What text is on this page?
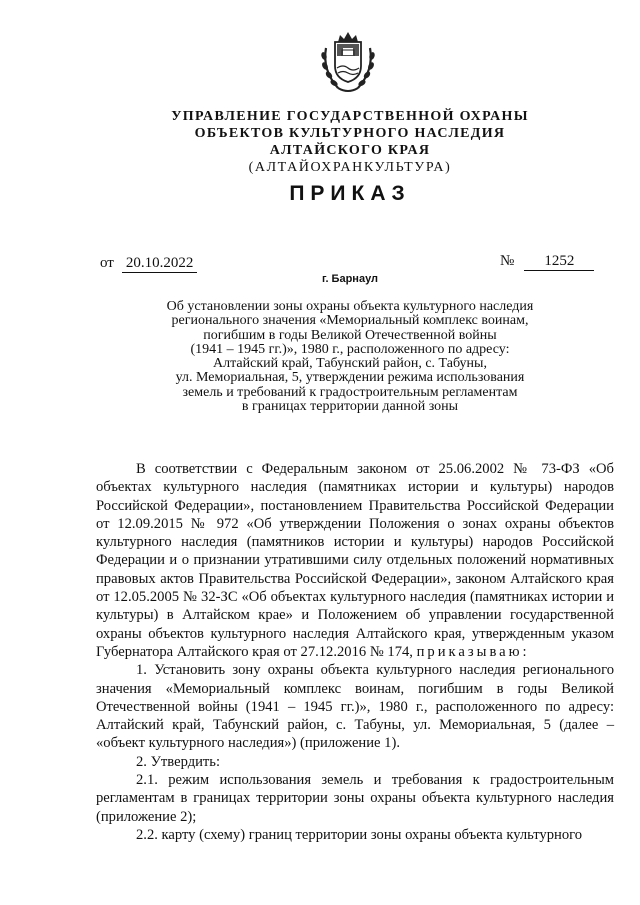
УПРАВЛЕНИЕ ГОСУДАРСТВЕННОЙ ОХРАНЫ
ОБЪЕКТОВ КУЛЬТУРНОГО НАСЛЕДИЯ
АЛТАЙСКОГО КРАЯ
(АЛТАЙОХРАНКУЛЬТУРА)
ПРИКАЗ
от 20.10.2022	№ 1252
г. Барнаул
Об установлении зоны охраны объекта культурного наследия
регионального значения «Мемориальный комплекс воинам,
погибшим в годы Великой Отечественной войны
(1941 – 1945 гг.)», 1980 г., расположенного по адресу:
Алтайский край, Табунский район, с. Табуны,
ул. Мемориальная, 5, утверждении режима использования
земель и требований к градостроительным регламентам
в границах территории данной зоны

В соответствии с Федеральным законом от 25.06.2002 № 73-ФЗ «Об объектах культурного наследия (памятниках истории и культуры) народов Российской Федерации», постановлением Правительства Российской Федерации от 12.09.2015 № 972 «Об утверждении Положения о зонах охраны объектов культурного наследия (памятников истории и культуры) народов Российской Федерации и о признании утратившими силу отдельных положений нормативных правовых актов Правительства Российской Федерации», законом Алтайского края от 12.05.2005 № 32-ЗС «Об объектах культурного наследия (памятниках истории и культуры) в Алтайском крае» и Положением об управлении государственной охраны объектов культурного наследия Алтайского края, утвержденным указом Губернатора Алтайского края от 27.12.2016 № 174, приказываю:

1. Установить зону охраны объекта культурного наследия регионального значения «Мемориальный комплекс воинам, погибшим в годы Великой Отечественной войны (1941 – 1945 гг.)», 1980 г., расположенного по адресу: Алтайский край, Табунский район, с. Табуны, ул. Мемориальная, 5 (далее – «объект культурного наследия») (приложение 1).

2. Утвердить:

2.1. режим использования земель и требования к градостроительным регламентам в границах территории зоны охраны объекта культурного наследия (приложение 2);

2.2. карту (схему) границ территории зоны охраны объекта культурного
